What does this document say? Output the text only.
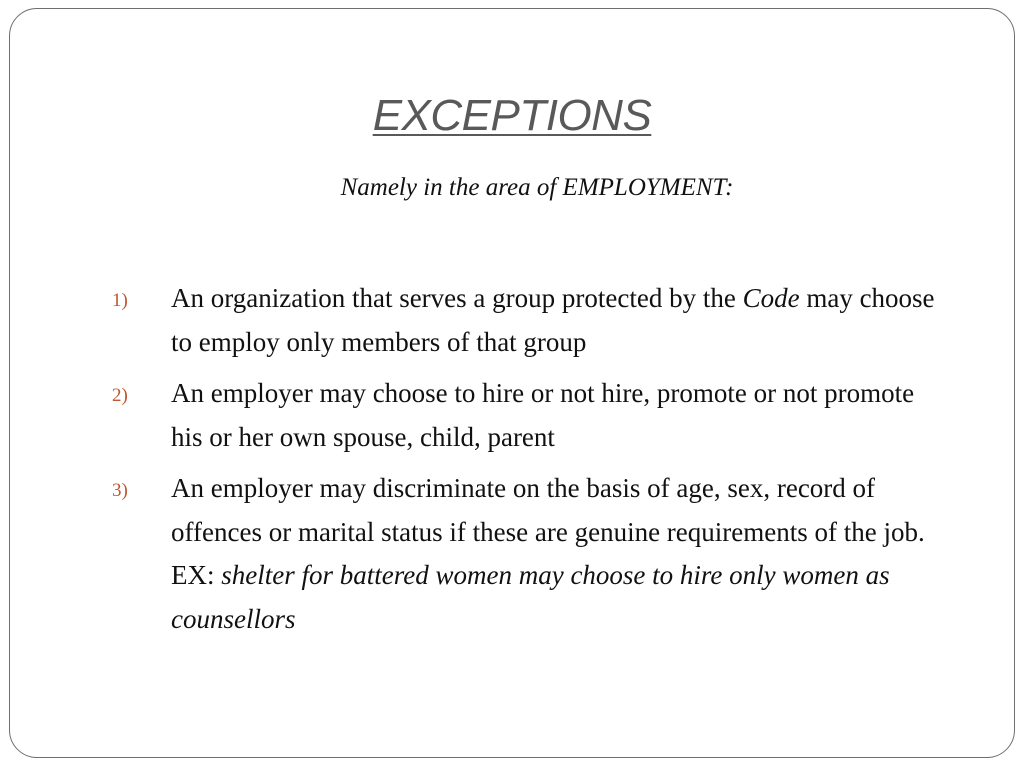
EXCEPTIONS
Namely in the area of EMPLOYMENT:
1) An organization that serves a group protected by the Code may choose to employ only members of that group
2) An employer may choose to hire or not hire, promote or not promote his or her own spouse, child, parent
3) An employer may discriminate on the basis of age, sex, record of offences or marital status if these are genuine requirements of the job. EX: shelter for battered women may choose to hire only women as counsellors
